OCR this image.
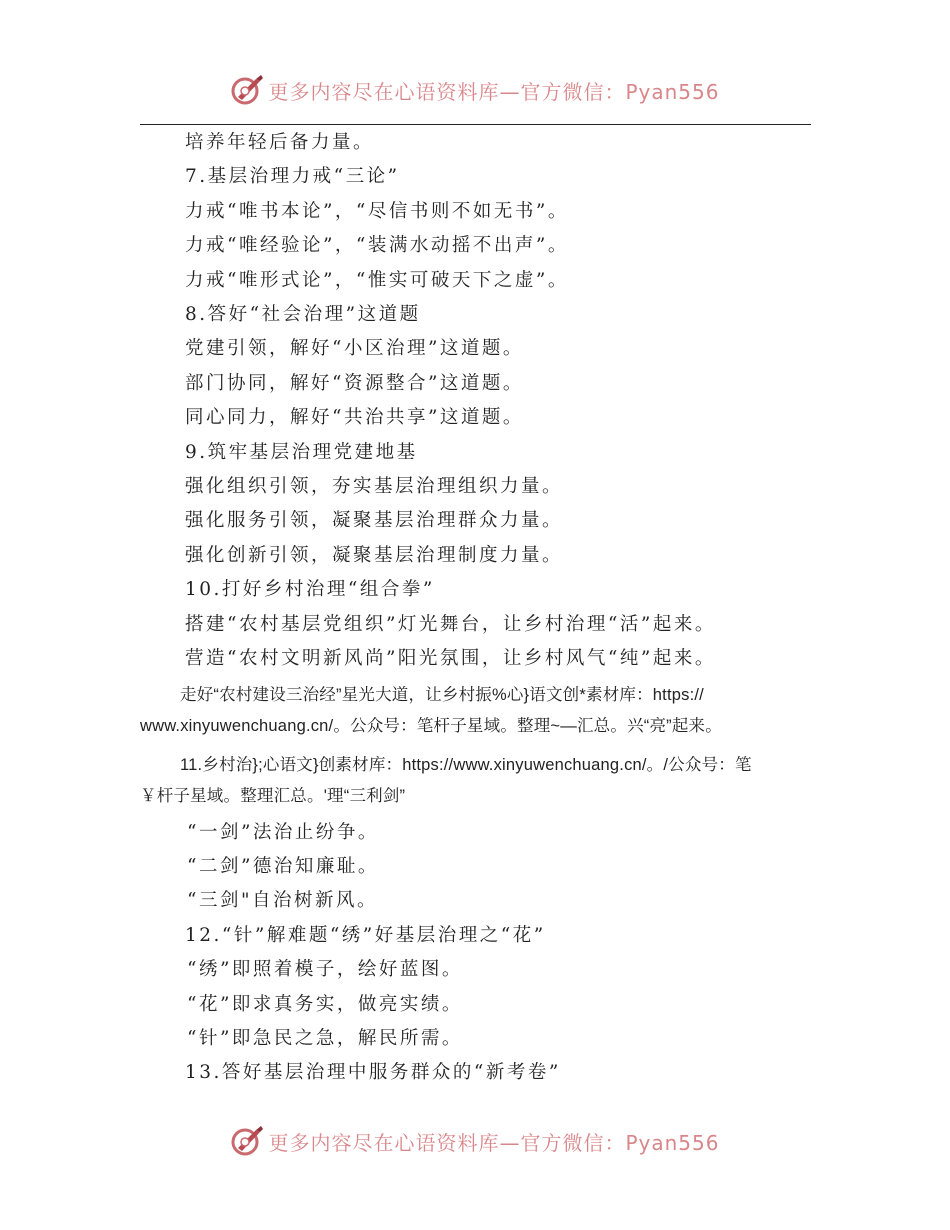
更多内容尽在心语资料库—官方微信：Pyan556
培养年轻后备力量。
7.基层治理力戒“三论”
力戒“唯书本论”，“尽信书则不如无书”。
力戒“唯经验论”，“装满水动摇不出声”。
力戒“唯形式论”，“惟实可破天下之虚”。
8.答好“社会治理”这道题
党建引领，解好“小区治理”这道题。
部门协同，解好“资源整合”这道题。
同心同力，解好“共治共享”这道题。
9.筑牢基层治理党建地基
强化组织引领，夯实基层治理组织力量。
强化服务引领，凝聚基层治理群众力量。
强化创新引领，凝聚基层治理制度力量。
10.打好乡村治理“组合拳”
搭建“农村基层党组织”灯光舞台，让乡村治理“活”起来。
营造“农村文明新风尚”阳光氛围，让乡村风气“纯”起来。
走好“农村建设三治经”星光大道，让乡村振%心}语文创*素材库：https://
www.xinyuwenchuang.cn/。公众号：笔杆子星域。整理~—汇总。兴“亮”起来。
11.乡村治};心语文}创素材库：https://www.xinyuwenchuang.cn/。/公众号：笔
￥杆子星域。整理汇总。'理“三利剑”
“一剑”法治止纷争。
“二剑”德治知廉耻。
“三剑"自治树新风。
12.“针”解难题“绣”好基层治理之“花”
“绣”即照着模子，绘好蓝图。
“花”即求真务实，做亮实绩。
“针”即急民之急，解民所需。
13.答好基层治理中服务群众的“新考卷”
更多内容尽在心语资料库—官方微信：Pyan556
